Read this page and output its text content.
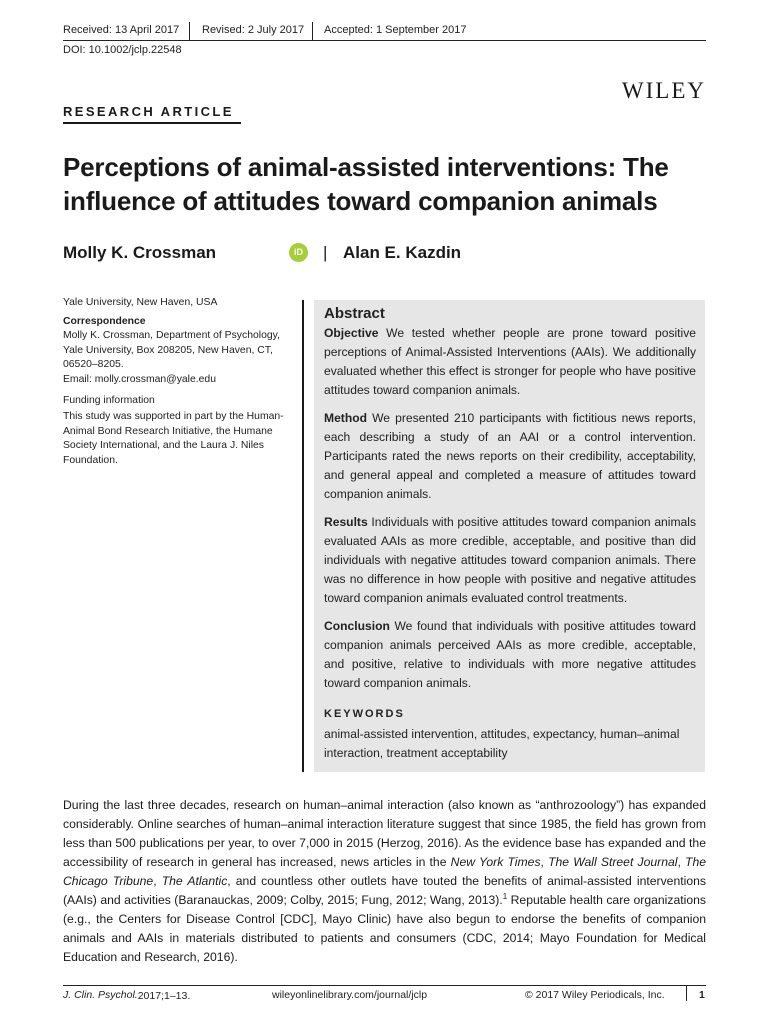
Received: 13 April 2017 Revised: 2 July 2017 Accepted: 1 September 2017
DOI: 10.1002/jclp.22548
WILEY
RESEARCH ARTICLE
Perceptions of animal-assisted interventions: The influence of attitudes toward companion animals
Molly K. Crossman	iD | Alan E. Kazdin

Yale University, New Haven, USA

Correspondence

Molly K. Crossman, Department of Psychology, Yale University, Box 208205, New Haven, CT, 06520–8205.

Email: molly.crossman@yale.edu

Funding information

This study was supported in part by the Human-Animal Bond Research Initiative, the Humane Society International, and the Laura J. Niles Foundation.

Abstract

Objective We tested whether people are prone toward positive perceptions of Animal-Assisted Interventions (AAIs). We additionally evaluated whether this effect is stronger for people who have positive attitudes toward companion animals.

Method We presented 210 participants with fictitious news reports, each describing a study of an AAI or a control intervention. Participants rated the news reports on their credibility, acceptability, and general appeal and completed a measure of attitudes toward companion animals.

Results Individuals with positive attitudes toward companion animals evaluated AAIs as more credible, acceptable, and positive than did individuals with negative attitudes toward companion animals. There was no difference in how people with positive and negative attitudes toward companion animals evaluated control treatments.

Conclusion We found that individuals with positive attitudes toward companion animals perceived AAIs as more credible, acceptable, and positive, relative to individuals with more negative attitudes toward companion animals.

KEYWORDS
animal-assisted intervention, attitudes, expectancy, human–animal interaction, treatment acceptability
During the last three decades, research on human–animal interaction (also known as “anthrozoology”) has expanded considerably. Online searches of human–animal interaction literature suggest that since 1985, the field has grown from less than 500 publications per year, to over 7,000 in 2015 (Herzog, 2016). As the evidence base has expanded and the accessibility of research in general has increased, news articles in the New York Times, The Wall Street Journal, The Chicago Tribune, The Atlantic, and countless other outlets have touted the benefits of animal-assisted interventions (AAIs) and activities (Baranauckas, 2009; Colby, 2015; Fung, 2012; Wang, 2013).$^1$ Reputable health care organizations (e.g., the Centers for Disease Control [CDC], Mayo Clinic) have also begun to endorse the benefits of companion animals and AAIs in materials distributed to patients and consumers (CDC, 2014; Mayo Foundation for Medical Education and Research, 2016).
J. Clin. Psychol. 2017;1–13.	wileyonlinelibrary.com/journal/jclp	© 2017 Wiley Periodicals, Inc.	1
